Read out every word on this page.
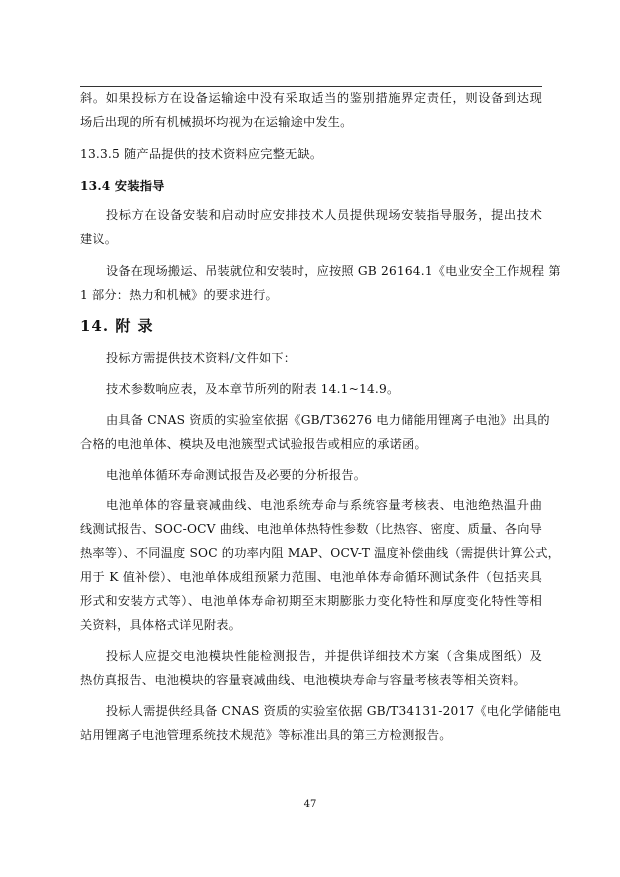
斜。如果投标方在设备运输途中没有采取适当的鉴别措施界定责任，则设备到达现
场后出现的所有机械损坏均视为在运输途中发生。
13.3.5 随产品提供的技术资料应完整无缺。
13.4 安装指导
投标方在设备安装和启动时应安排技术人员提供现场安装指导服务，提出技术
建议。
设备在现场搬运、吊装就位和安装时，应按照 GB 26164.1《电业安全工作规程 第
1 部分：热力和机械》的要求进行。
14. 附 录
投标方需提供技术资料/文件如下：
技术参数响应表，及本章节所列的附表 14.1~14.9。
由具备 CNAS 资质的实验室依据《GB/T36276 电力储能用锂离子电池》出具的
合格的电池单体、模块及电池簇型式试验报告或相应的承诺函。
电池单体循环寿命测试报告及必要的分析报告。
电池单体的容量衰减曲线、电池系统寿命与系统容量考核表、电池绝热温升曲
线测试报告、SOC-OCV 曲线、电池单体热特性参数（比热容、密度、质量、各向导
热率等）、不同温度 SOC 的功率内阻 MAP、OCV-T 温度补偿曲线（需提供计算公式，
用于 K 值补偿）、电池单体成组预紧力范围、电池单体寿命循环测试条件（包括夹具
形式和安装方式等）、电池单体寿命初期至末期膨胀力变化特性和厚度变化特性等相
关资料，具体格式详见附表。
投标人应提交电池模块性能检测报告，并提供详细技术方案（含集成图纸）及
热仿真报告、电池模块的容量衰减曲线、电池模块寿命与容量考核表等相关资料。
投标人需提供经具备 CNAS 资质的实验室依据 GB/T34131-2017《电化学储能电
站用锂离子电池管理系统技术规范》等标准出具的第三方检测报告。
47
